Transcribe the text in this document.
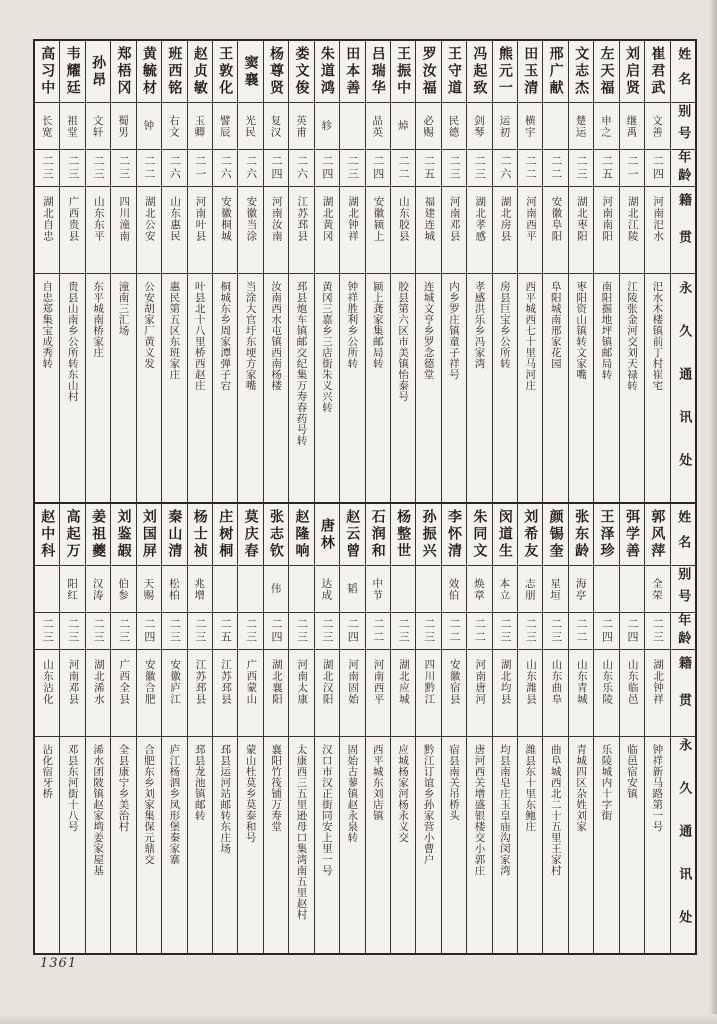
姓名
别号
年龄
籍贯
永久通讯处
崔君武
文善
二四
河南汜水
汜水木楼镇前丁村崔宅
刘启贤
继禹
二一
湖北江陵
江陵张金河交刘天禄转
左天福
申之
二五
河南南阳
南阳掘地坪镇邮局转
文志杰
楚运
二三
湖北枣阳
枣阳资山镇转文家嘴
邢广献
二二
安徽阜阳
阜阳城南邢家花园
田玉清
横宇
二二
河南西平
西平城西七十里马河庄
熊元一
运初
二六
湖北房县
房县巨宝乡公所转
冯起致
剑琴
二三
湖北孝感
孝感洪乐乡冯家湾
王守道
民德
二三
河南邓县
内乡罗庄镇童子祥号
罗汝福
必赐
二五
福建连城
连城文亨乡罗念德堂
王振中
焯
二二
山东胶县
胶县第六区市美镇怡泰号
吕瑞华
品英
二四
安徽颍上
颍上龚家集邮局转
田本善
二三
湖北钟祥
钟祥胜利乡公所转
朱道鸿
轸
二四
湖北黄冈
黄冈三嘉乡三店街朱义兴转
娄文俊
英甫
二六
江苏邳县
邳县炮车镇邮交纪集万寿春药号转
杨尊贤
复汉
二四
河南汝南
汝南西水屯镇西南杨楼
窦襄
光民
二六
安徽当涂
当涂大官圩东埂方家嘴
王敦化
譬辰
二六
安徽桐城
桐城东乡周家潭弹子宕
赵贞敏
玉卿
二一
河南叶县
叶县北十八里桥西赵庄
班西铭
右文
二六
山东惠民
惠民第五区东班家庄
黄毓材
钟
二二
湖北公安
公安胡家厂黄义发
郑梧冈
蜀男
二三
四川潼南
潼南三汇场
孙昂
文轩
二三
山东东平
东平城南桥家庄
韦耀廷
祖堂
二三
广西贵县
贵县山南乡公所转东山村
高习中
长宽
二三
湖北自忠
自忠郑集宝成秀转
姓名
别号
年龄
籍贯
永久通讯处
郭风萍
全荣
二三
湖北钟祥
钟祥新马路第一号
弭学善
二四
山东临邑
临邑宿安镇
王泽珍
二四
山东乐陵
乐陵城内十字街
张东龄
海亭
二二
山东青城
青城四区杂姓刘家
颜锡奎
星垣
二三
山东曲阜
曲阜城西北二十五里王家村
刘希友
志朋
二三
山东潍县
潍县东十里东鲍庄
闵道生
本立
二三
湖北均县
均县南皂庄玉皇庙沟闵家湾
朱同文
焕章
二二
河南唐河
唐河西关增盛银楼交小郭庄
李怀清
效伯
二二
安徽宿县
宿县南关吊桥头
孙振兴
二三
四川黔江
黔江订谊乡孙家营小曹户
杨整世
二三
湖北应城
应城杨家河杨永义交
石润和
中节
二二
河南西平
西平城东刘店镇
赵云曾
韬
二四
河南固始
固始古蓼镇赵永泉转
唐林
达成
二三
湖北汉阳
汉口市汉正街同安上里一号
赵隆响
二三
河南太康
太康西三五里逊母口集湾南五里赵村
张志钦
伟
二四
湖北襄阳
襄阳竹筏铺万寿堂
莫庆春
二三
广西蒙山
蒙山杜莫乡莫泰和号
庄树桐
二五
江苏邳县
邳县运河站邮转东庄场
杨士祯
兆增
二三
江苏邳县
邳县龙池镇邮转
秦山清
松柏
二三
安徽庐江
庐江杨泗乡凤形堡秦家寨
刘国屏
天赐
二四
安徽合肥
合肥东乡刘家集保元鼎交
刘鉴嘏
伯参
二三
广西全县
全县康宁乡美治村
姜祖夔
汉涛
二三
湖北浠水
浠水团陂镇赵家塆姜家屋基
高起万
阳红
二三
河南邓县
邓县东河街十八号
赵中科
二三
山东沾化
沾化宿牙桥
1361
